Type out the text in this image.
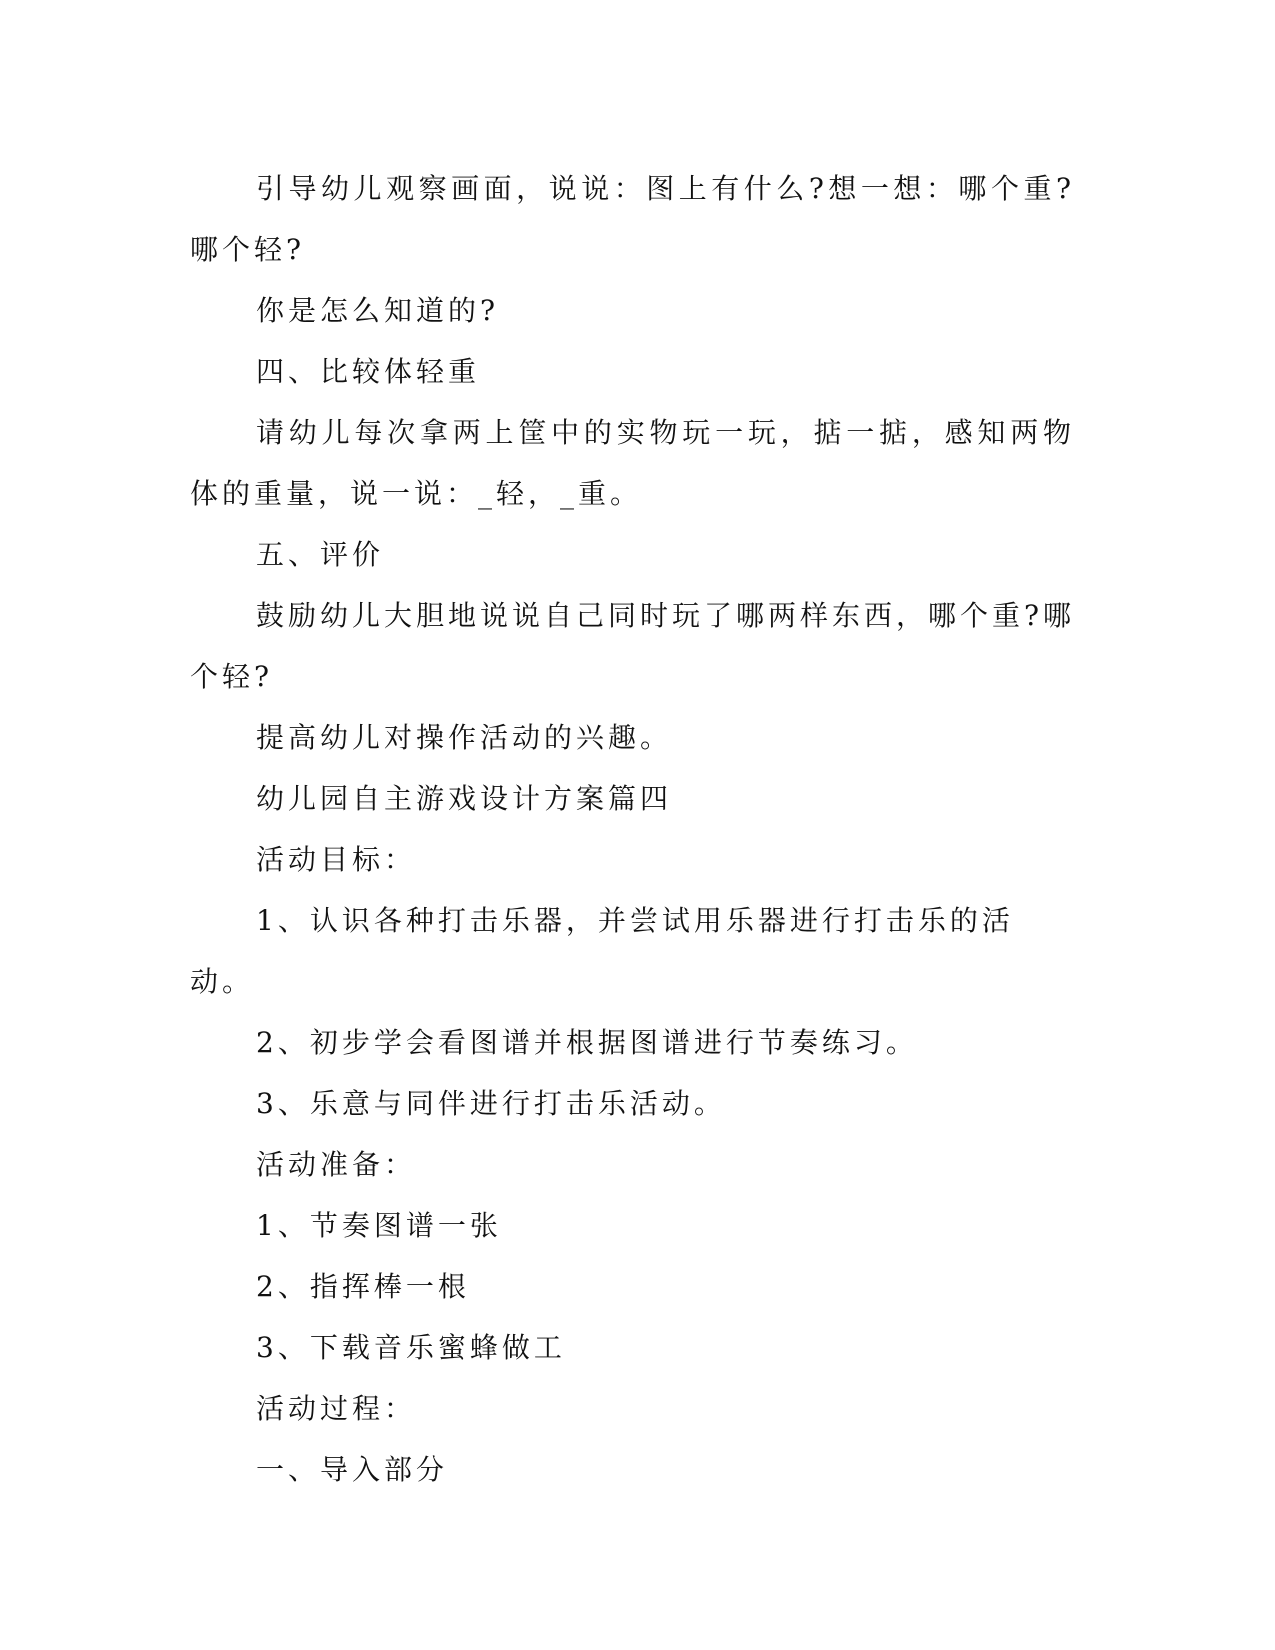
引导幼儿观察画面，说说：图上有什么?想一想：哪个重?哪个轻?

你是怎么知道的?

四、比较体轻重

请幼儿每次拿两上筐中的实物玩一玩，掂一掂，感知两物体的重量，说一说：_轻，_重。

五、评价

鼓励幼儿大胆地说说自己同时玩了哪两样东西，哪个重?哪个轻?

提高幼儿对操作活动的兴趣。

幼儿园自主游戏设计方案篇四

活动目标：

1、认识各种打击乐器，并尝试用乐器进行打击乐的活动。

2、初步学会看图谱并根据图谱进行节奏练习。

3、乐意与同伴进行打击乐活动。

活动准备：

1、节奏图谱一张

2、指挥棒一根

3、下载音乐蜜蜂做工

活动过程：

一、导入部分
